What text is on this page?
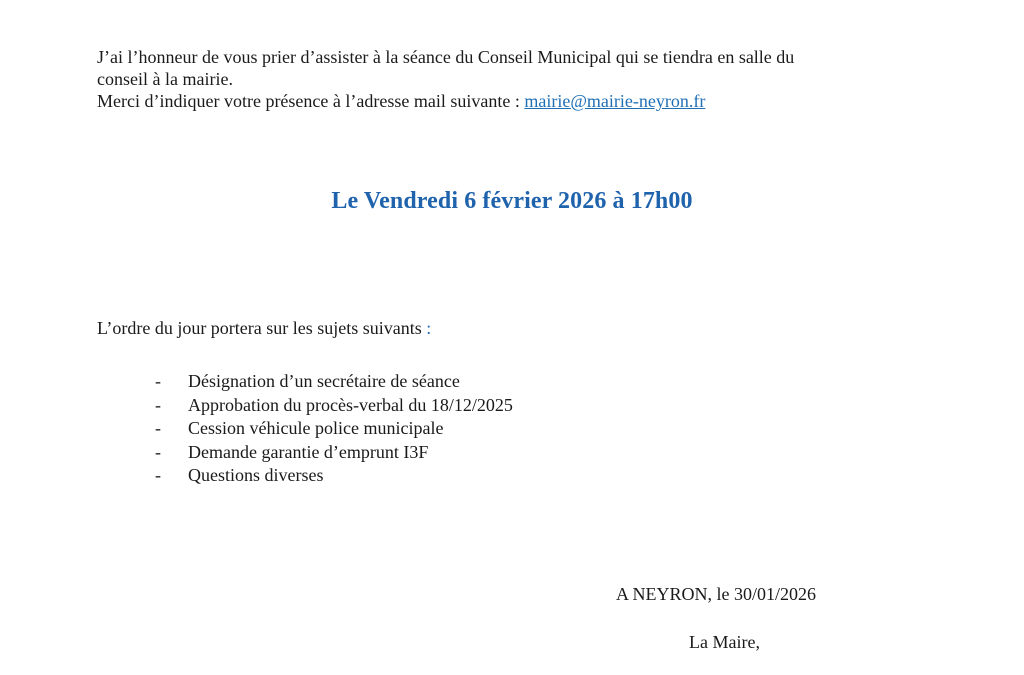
J’ai l’honneur de vous prier d’assister à la séance du Conseil Municipal qui se tiendra en salle du

conseil à la mairie.

Merci d’indiquer votre présence à l’adresse mail suivante : mairie@mairie-neyron.fr

Le Vendredi 6 février 2026 à 17h00
L’ordre du jour portera sur les sujets suivants :
-	Désignation d’un secrétaire de séance
-	Approbation du procès-verbal du 18/12/2025
-	Cession véhicule police municipale
-	Demande garantie d’emprunt I3F
-	Questions diverses
A NEYRON, le 30/01/2026
La Maire,
